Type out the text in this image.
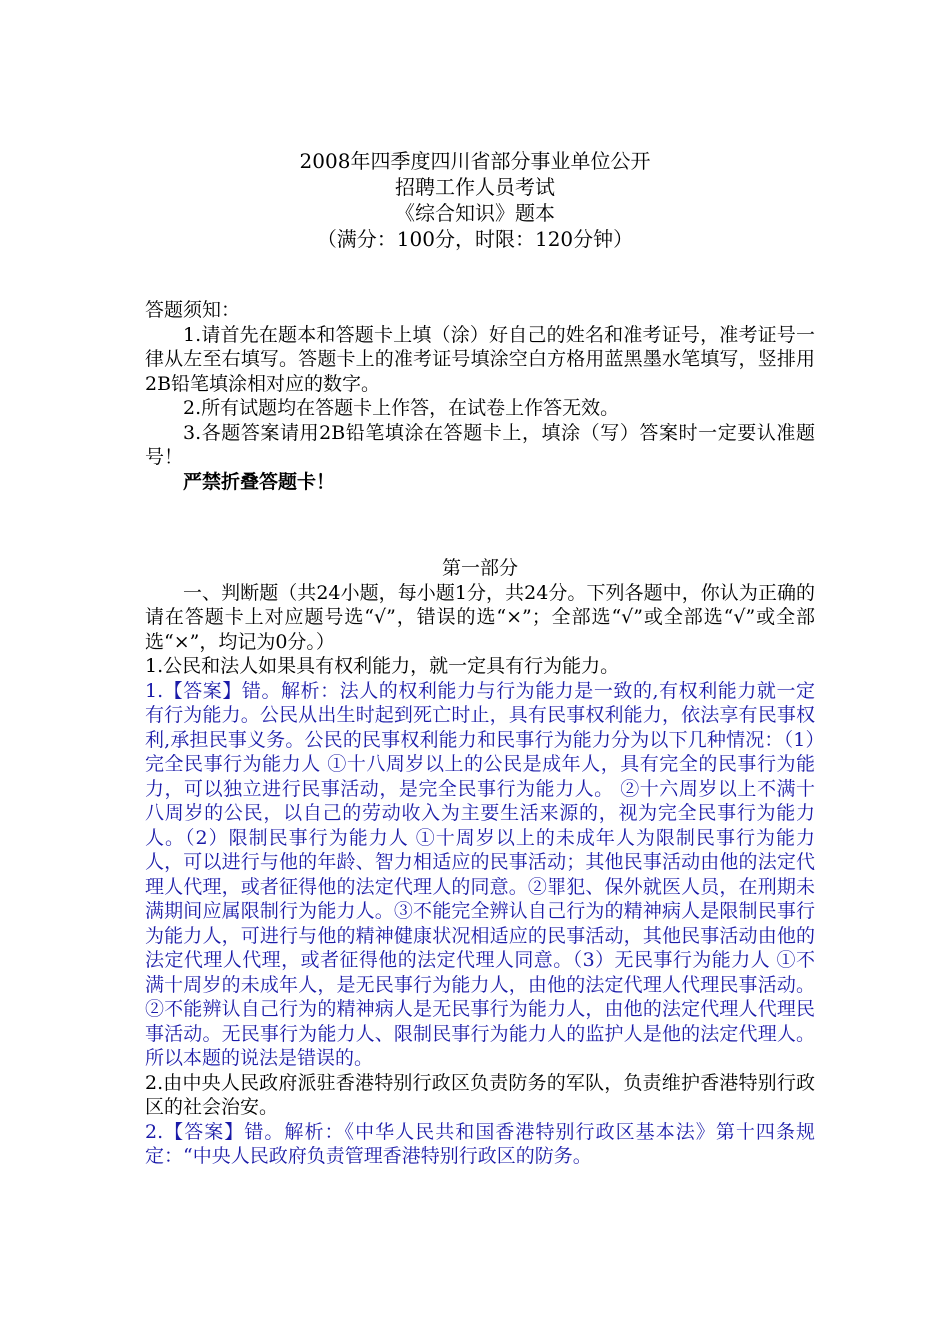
2008年四季度四川省部分事业单位公开
招聘工作人员考试
《综合知识》题本
（满分：100分，时限：120分钟）

答题须知：

1.请首先在题本和答题卡上填（涂）好自己的姓名和准考证号，准考证号一律从左至右填写。答题卡上的准考证号填涂空白方格用蓝黑墨水笔填写，竖排用2B铅笔填涂相对应的数字。

2.所有试题均在答题卡上作答，在试卷上作答无效。

3.各题答案请用2B铅笔填涂在答题卡上，填涂（写）答案时一定要认准题号！

严禁折叠答题卡！

第一部分

一、判断题（共24小题，每小题1分，共24分。下列各题中，你认为正确的请在答题卡上对应题号选“√”，错误的选“×”；全部选“√”或全部选“√”或全部选“×”，均记为0分。）

1.公民和法人如果具有权利能力，就一定具有行为能力。

1.【答案】错。解析：法人的权利能力与行为能力是一致的,有权利能力就一定有行为能力。公民从出生时起到死亡时止，具有民事权利能力，依法享有民事权利,承担民事义务。公民的民事权利能力和民事行为能力分为以下几种情况：（1）完全民事行为能力人 ①十八周岁以上的公民是成年人，具有完全的民事行为能力，可以独立进行民事活动，是完全民事行为能力人。 ②十六周岁以上不满十八周岁的公民，以自己的劳动收入为主要生活来源的，视为完全民事行为能力人。（2）限制民事行为能力人 ①十周岁以上的未成年人为限制民事行为能力人，可以进行与他的年龄、智力相适应的民事活动；其他民事活动由他的法定代理人代理，或者征得他的法定代理人的同意。②罪犯、保外就医人员，在刑期未满期间应属限制行为能力人。③不能完全辨认自己行为的精神病人是限制民事行为能力人，可进行与他的精神健康状况相适应的民事活动，其他民事活动由他的法定代理人代理，或者征得他的法定代理人同意。（3）无民事行为能力人 ①不满十周岁的未成年人，是无民事行为能力人，由他的法定代理人代理民事活动。②不能辨认自己行为的精神病人是无民事行为能力人，由他的法定代理人代理民事活动。无民事行为能力人、限制民事行为能力人的监护人是他的法定代理人。所以本题的说法是错误的。

2.由中央人民政府派驻香港特别行政区负责防务的军队，负责维护香港特别行政区的社会治安。

2.【答案】错。解析：《中华人民共和国香港特别行政区基本法》第十四条规定：“中央人民政府负责管理香港特别行政区的防务。
